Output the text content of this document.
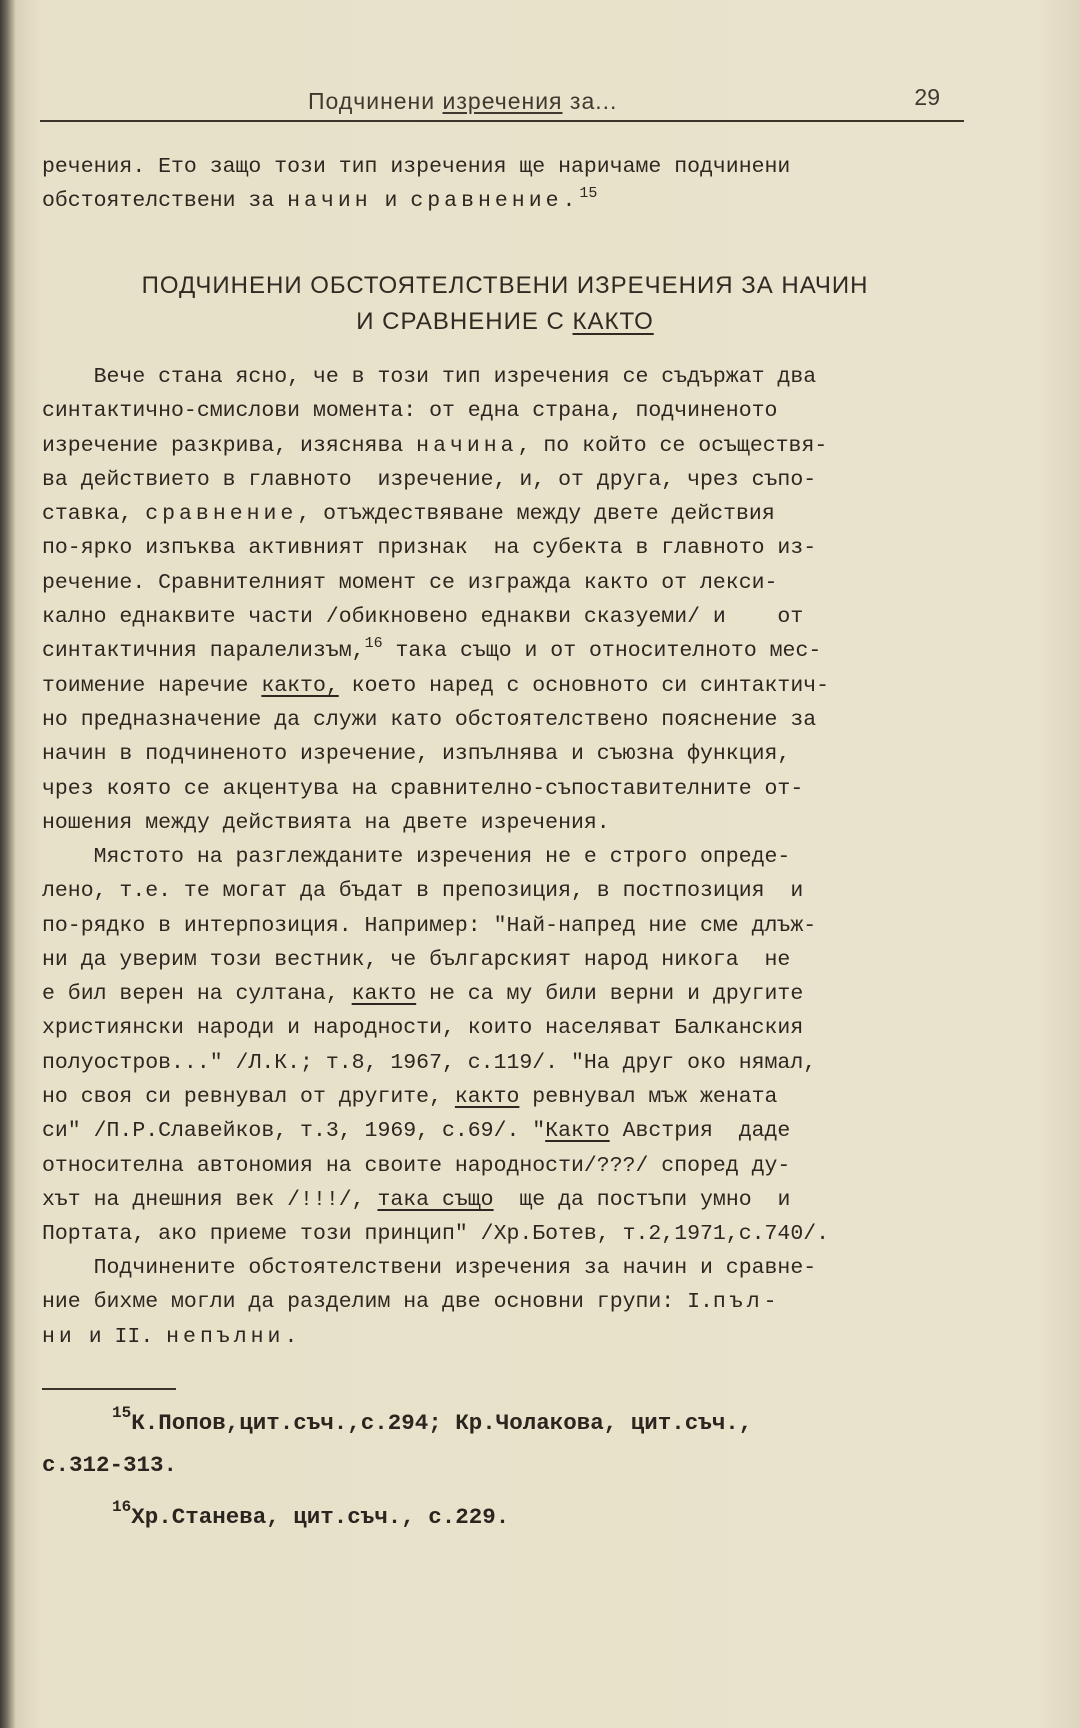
Подчинени изречения за...	29
речения. Ето защо този тип изречения ще наричаме подчинени
обстоятелствени за начин и сравнение.$^{15}$
ПОДЧИНЕНИ ОБСТОЯТЕЛСТВЕНИ ИЗРЕЧЕНИЯ ЗА НАЧИН
И СРАВНЕНИЕ С КАКТО
Вече стана ясно, че в този тип изречения се съдържат два
синтактично-смислови момента: от една страна, подчиненото
изречение разкрива, изяснява начина, по който се осъществя-
ва действието в главното  изречение, и, от друга, чрез съпо-
ставка, сравнение, отъждествяване между двете действия
по-ярко изпъква активният признак  на субекта в главното из-
речение. Сравнителният момент се изгражда както от лекси-
кално еднаквите части /обикновено еднакви сказуеми/ и    от
синтактичния паралелизъм,$^{16}$ така също и от относителното мес-
тоимение наречие както, което наред с основното си синтактич-
но предназначение да служи като обстоятелствено пояснение за
начин в подчиненото изречение, изпълнява и съюзна функция,
чрез която се акцентува на сравнително-съпоставителните от-
ношения между действията на двете изречения.
Мястото на разглежданите изречения не е строго опреде-
лено, т.е. те могат да бъдат в препозиция, в постпозиция  и
по-рядко в интерпозиция. Например: "Най-напред ние сме длъж-
ни да уверим този вестник, че българският народ никога  не
е бил верен на султана, както не са му били верни и другите
християнски народи и народности, които населяват Балканския
полуостров..." /Л.К.; т.8, 1967, с.119/. "На друг око нямал,
но своя си ревнувал от другите, както ревнувал мъж жената
си" /П.Р.Славейков, т.3, 1969, с.69/. "Както Австрия  даде
относителна автономия на своите народности/???/ според ду-
хът на днешния век /!!!/, така също  ще да постъпи умно  и
Портата, ако приеме този принцип" /Хр.Ботев, т.2,1971,с.740/.
Подчинените обстоятелствени изречения за начин и сравне-
ние бихме могли да разделим на две основни групи: I.пъл-
ни и II. непълни.
$^{15}$К.Попов,цит.съч.,с.294; Кр.Чолакова, цит.съч.,
с.312-313.
$^{16}$Хр.Станева, цит.съч., с.229.
